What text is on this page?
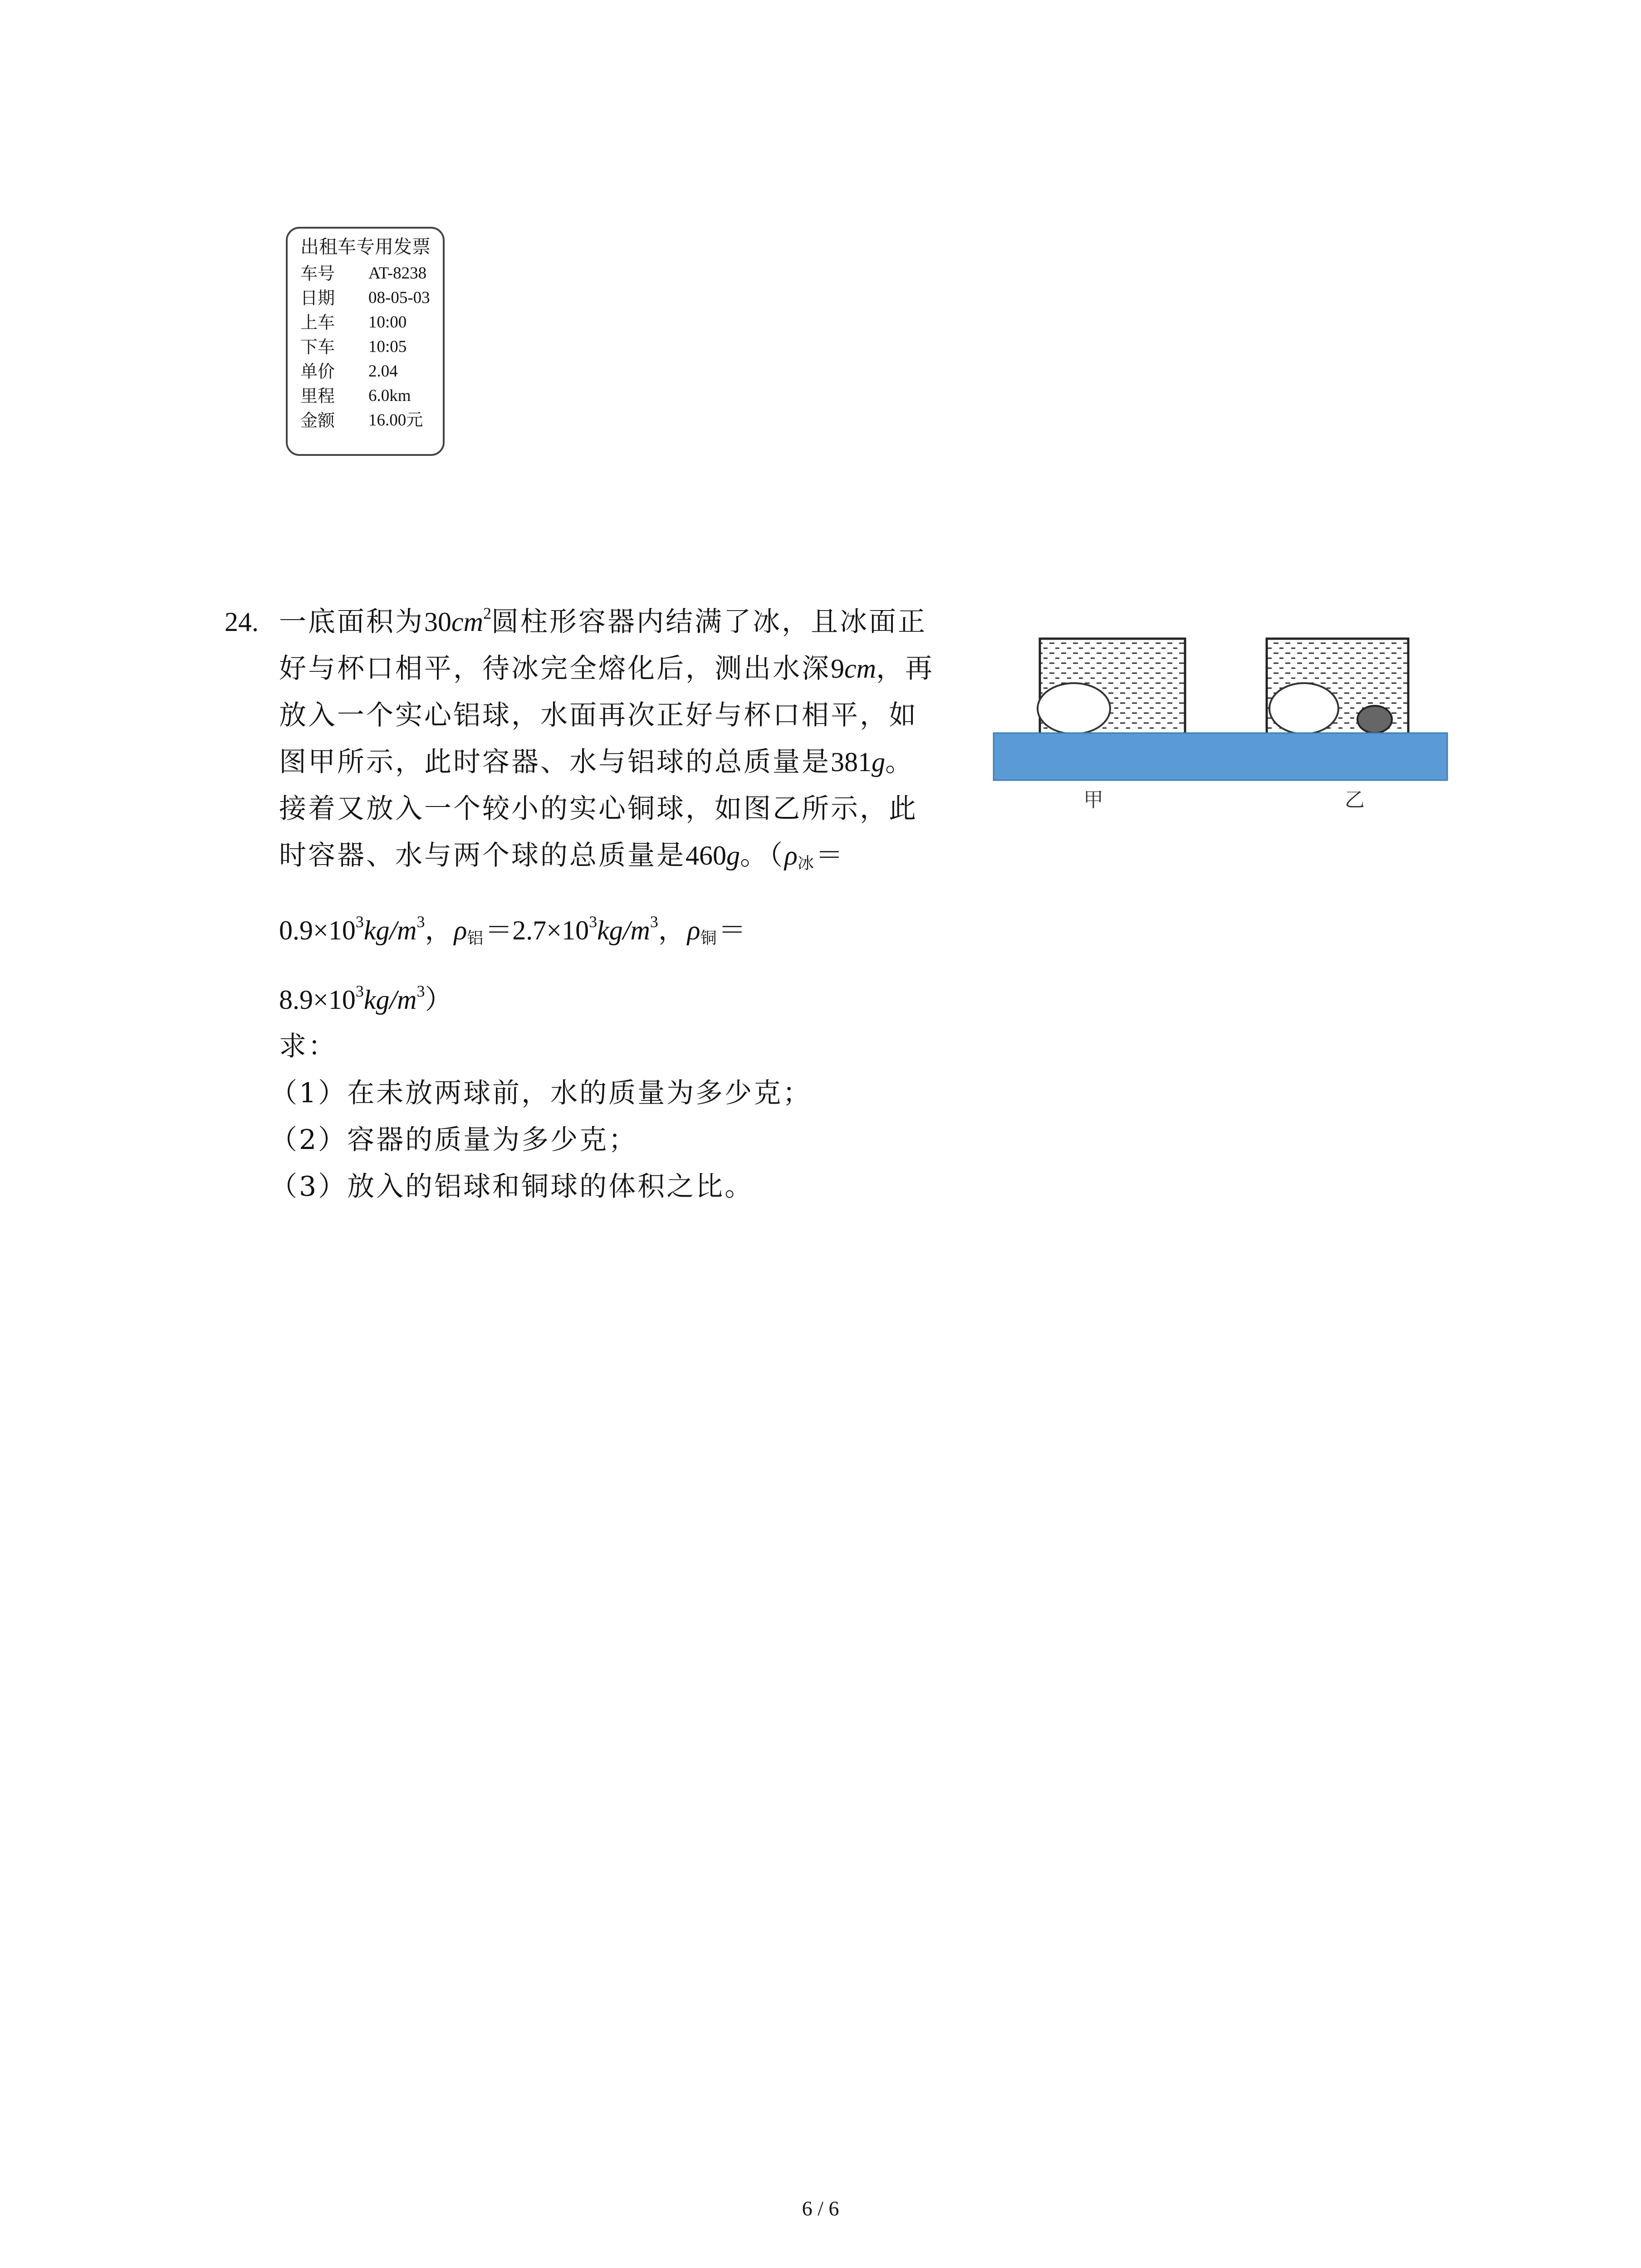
出租车专用发票
车号	AT-8238
日期	08-05-03
上车	10:00
下车	10:05
单价	2.04
里程	6.0km
金额	16.00元
24. 一底面积为$30cm^2$圆柱形容器内结满了冰，且冰面正
好与杯口相平，待冰完全熔化后，测出水深9cm，再
放入一个实心铝球，水面再次正好与杯口相平，如
图甲所示，此时容器、水与铝球的总质量是381g。
接着又放入一个较小的实心铜球，如图乙所示，此
时容器、水与两个球的总质量是460g。（$\rho_冰=$
$0.9\times 10^3kg/m^3$，$\rho_铝=2.7\times 10^3kg/m^3$，$\rho_铜=$
$8.9\times 10^3kg/m^3$）
求：
（1）在未放两球前，水的质量为多少克；
（2）容器的质量为多少克；
（3）放入的铝球和铜球的体积之比。
甲	乙
6 / 6
